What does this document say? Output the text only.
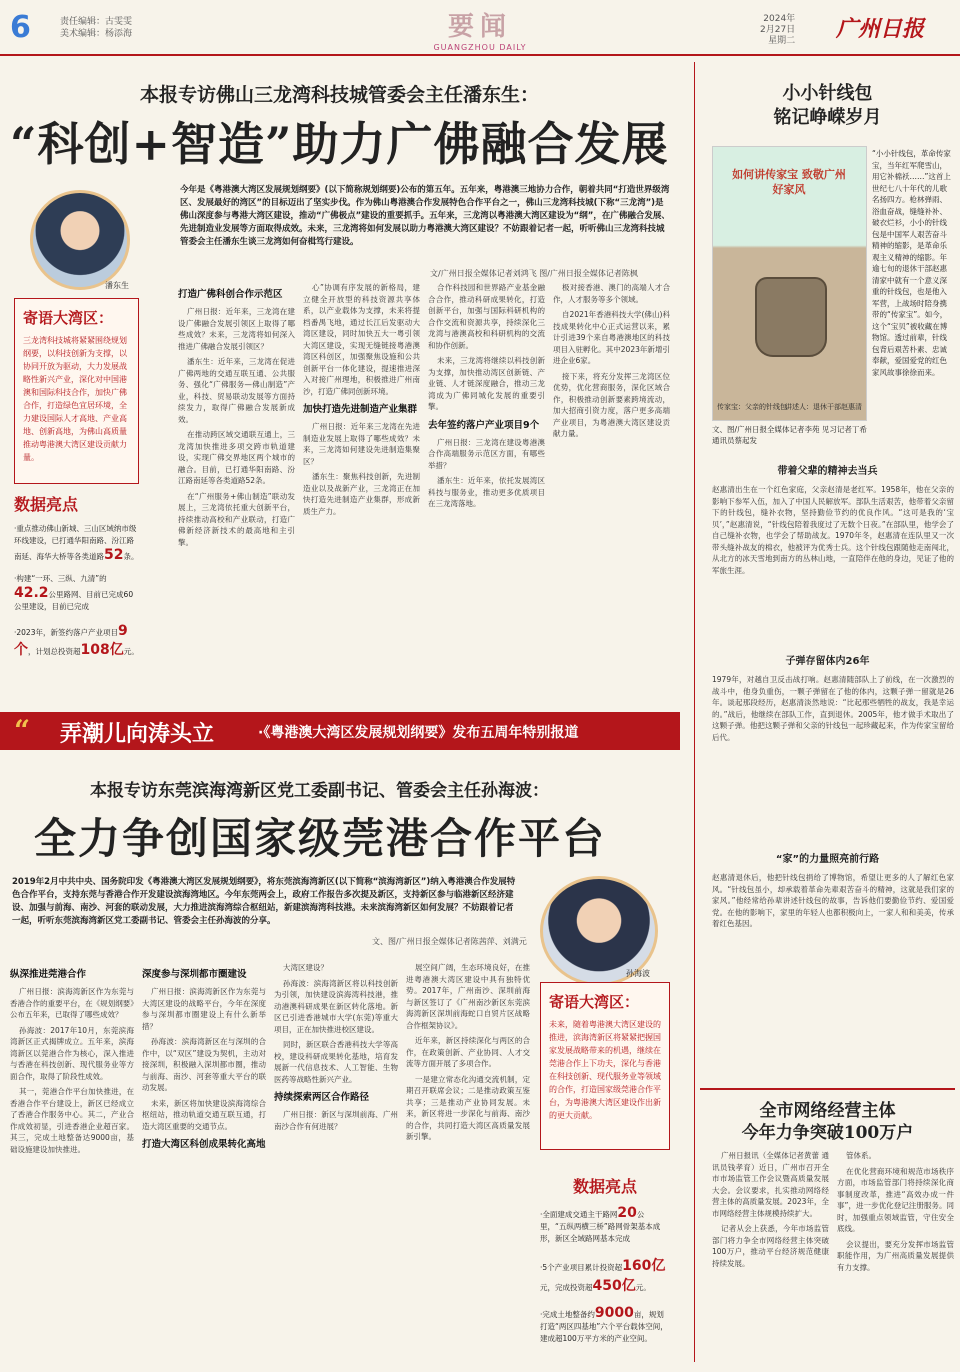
6	责任编辑：古雯雯
美术编辑：杨添海	要闻
GUANGZHOU DAILY
2024年
2月27日
星期二 广州日报
本报专访佛山三龙湾科技城管委会主任潘东生：
“科创+智造”助力广佛融合发展
今年是《粤港澳大湾区发展规划纲要》(以下简称规划纲要)公布的第五年。五年来，粤港澳三地协力合作，朝着共同“打造世界级湾区、发展最好的湾区”的目标迈出了坚实步伐。作为佛山粤港澳合作发展特色合作平台之一，佛山三龙湾科技城(下称“三龙湾”)是佛山深度参与粤港大湾区建设，推动“广佛极点”建设的重要抓手。五年来，三龙湾以粤港澳大湾区建设为“纲”，在广佛融合发展、先进制造业发展等方面取得成效。未来，三龙湾将如何发展以助力粤港澳大湾区建设？不妨跟着记者一起，听听佛山三龙湾科技城管委会主任潘东生谈三龙湾如何奋楫笃行建设。
文/广州日报全媒体记者刘鸿飞 图/广州日报全媒体记者陈枫
潘东生
寄语大湾区：
三龙湾科技城将紧紧围绕规划纲要，以科技创新为支撑，以协同开放为驱动，大力发展战略性新兴产业，深化对中国港澳和国际科技合作，加快广佛合作，打造绿色宜居环境，全力建设国际人才高地、产业高地、创新高地，为佛山高质量推动粤港澳大湾区建设贡献力量。
数据亮点
·重点推动佛山新城、三山区域纳市级环线建设，已打通华阳南路、汾江路南延、海华大桥等各类道路52条。
·构建“一环、三纵、九清”的42.2公里路网、目前已完成60公里建设，目前已完成
·2023年，新签约落户产业项目9个，计划总投资超108亿元。
打造广佛科创合作示范区

广州日报：近年来，三龙湾在建设广佛融合发展引领区上取得了哪些成效？未来，三龙湾将如何深入推进广佛融合发展引领区？

潘东生：近年来，三龙湾在促进广佛两地的交通互联互通、公共服务、强化“广佛服务—佛山制造”产业，科技、贸易联动发展等方面持续发力，取得广佛融合发展新成效。

在推动跨区域交通联互通上，三龙湾加快推进多项交跨市轨道建设，实现广佛交界地区两个城市的融合。目前，已打通华阳南路、汾江路南延等各类道路52条。

在“广州服务+佛山制造”联动发展上，三龙湾依托重大创新平台，持续推动高校和产业联动，打造广佛新经济新技术的最高地和主引擎。

心”协调有序发展的新格局，建立健全开放型的科技资源共享体系，以产业载体为支撑，未来将提档番禺飞地，通过长江后发驱动大湾区建设，同时加快五大一粤引领大湾区建设，实现无缝链接粤港澳湾区科创区，加强聚焦设施和公共创新平台一体化建设，提速推进深入对接广州理地，积极推进广州南沙，打造广佛同创新环境。

加快打造先进制造产业集群

广州日报：近年来三龙湾在先进制造业发展上取得了哪些成效？未来，三龙湾如何建设先进制造集聚区？

潘东生：聚焦科技创新，先进制造业以及战新产业，三龙湾正在加快打造先进制造产业集群，形成新质生产力。

合作科技园和世界路产业基金融合合作，推动科研成果转化，打造创新平台，加强与国际科研机构的合作交流和资源共享，持续深化三龙湾与港澳高校和科研机构的交流和协作创新。

未来，三龙湾将继续以科技创新为支撑，加快推动湾区创新链、产业链、人才链深度融合，推动三龙湾成为广佛同城化发展的重要引擎。

去年签约落户产业项目9个

广州日报：三龙湾在建设粤港澳合作高端服务示范区方面，有哪些举措？

潘东生：近年来，依托发展湾区科技与服务业，推动更多优质项目在三龙湾落地。

极对接香港、澳门的高端人才合作，人才服务等多个领域。

自2021年香港科技大学(佛山)科技成果转化中心正式运营以来，累计引进39个来自粤港澳地区的科技项目入驻孵化。其中2023年新增引进企业6家。

接下来，将充分发挥三龙湾区位优势，优化营商服务，深化区域合作，积极推动创新要素跨境流动，加大招商引资力度，落户更多高端产业项目，为粤港澳大湾区建设贡献力量。

小小针线包
铭记峥嵘岁月
如何讲传家宝 致敬广州好家风
传家宝：父亲的针线包
讲述人：退休干部赵惠清
文、图/广州日报全媒体记者李苑 见习记者丁希 通讯员蔡起发
“小小针线包，革命传家宝，当年红军爬雪山，用它补棉袄……”这首上世纪七八十年代的儿歌名扬四方。枪林弹雨、浴血奋战，缝缝补补、破衣烂衫，小小的针线包是中国军人艰苦奋斗精神的缩影，是革命乐观主义精神的缩影。年逾七旬的退休干部赵惠清家中就有一个意义深重的针线包，也是他入军营，上战场时陪身携带的“传家宝”。如今，这个“宝贝”被收藏在博物馆。透过前辈，针线包背后艰苦朴素、忠诚奉献，爱国爱党的红色家风故事徐徐而来。
带着父辈的精神去当兵
赵惠清出生在一个红色家庭，父亲赵清是老红军。1958年，他在父亲的影响下参军入伍，加入了中国人民解放军。部队生活艰苦，他带着父亲留下的针线包，缝补衣物，坚持勤俭节约的优良作风。“这可是我的‘宝贝’，”赵惠清说，“针线包陪着我度过了无数个日夜。”在部队里，他学会了自己缝补衣物，也学会了帮助战友。1970年冬，赵惠清在连队里又一次带头缝补战友的棉衣，他被评为优秀士兵。这个针线包跟随他走南闯北，从北方的冰天雪地到南方的丛林山地，一直陪伴在他的身边，见证了他的军旅生涯。
子弹存留体内26年
1979年，对越自卫反击战打响。赵惠清随部队上了前线，在一次激烈的战斗中，他身负重伤，一颗子弹留在了他的体内，这颗子弹一留就是26年。谈起那段经历，赵惠清淡然地说：“比起那些牺牲的战友，我是幸运的。”战后，他继续在部队工作，直到退休。2005年，他才做手术取出了这颗子弹。他把这颗子弹和父亲的针线包一起珍藏起来，作为传家宝留给后代。
“家”的力量照亮前行路
赵惠清退休后，他把针线包捐给了博物馆，希望让更多的人了解红色家风。“针线包虽小，却承载着革命先辈艰苦奋斗的精神，这就是我们家的家风。”他经常给孙辈讲述针线包的故事，告诉他们要勤俭节约、爱国爱党。在他的影响下，家里的年轻人也都积极向上，一家人和和美美，传承着红色基因。
“ 弄潮儿向涛头立	·《粤港澳大湾区发展规划纲要》发布五周年特别报道
本报专访东莞滨海湾新区党工委副书记、管委会主任孙海波：
全力争创国家级莞港合作平台
2019年2月中共中央、国务院印发《粤港澳大湾区发展规划纲要》，将东莞滨海湾新区(以下简称“滨海湾新区”)纳入粤港澳合作发展特色合作平台，支持东莞与香港合作开发建设滨海湾地区。今年东莞两会上，政府工作报告多次提及新区，支持新区参与临港新区经济建设、加强与前海、南沙、河套的联动发展，大力推进滨海湾综合枢纽站，新建滨海湾科技港。未来滨海湾新区如何发展？不妨跟着记者一起，听听东莞滨海湾新区党工委副书记、管委会主任孙海波的分享。
文、图/广州日报全媒体记者陈茜萍、刘满元
孙海波
寄语大湾区：
未来，随着粤港澳大湾区建设的推进，滨海湾新区将紧紧把握国家发展战略带来的机遇，继续在莞港合作上下功夫，深化与香港在科技创新、现代服务业等领域的合作，打造国家级莞港合作平台，为粤港澳大湾区建设作出新的更大贡献。
数据亮点
·全面建成交通主干路网20公里，“五纵两横三桥”路网骨架基本成形，新区全域路网基本完成
·5个产业项目累计投资超160亿元，完成投资超450亿元。
·完成土地整备约9000亩，规划打造“两区四基地”六个平台载体空间，建成超100万平方米的产业空间。
纵深推进莞港合作

广州日报：滨海湾新区作为东莞与香港合作的重要平台，在《规划纲要》公布五年来，已取得了哪些成效？

孙海波：2017年10月，东莞滨海湾新区正式揭牌成立。五年来，滨海湾新区以莞港合作为核心，深入推进与香港在科技创新、现代服务业等方面合作，取得了阶段性成效。

其一，莞港合作平台加快推进，在香港合作平台建设上，新区已经成立了香港合作服务中心。其二，产业合作成效初显，引进香港企业超百家。其三，完成土地整备达9000亩，基础设施建设加快推进。

深度参与深圳都市圈建设

广州日报：滨海湾新区作为东莞与大湾区建设的战略平台，今年在深度参与深圳都市圈建设上有什么新举措？

孙海波：滨海湾新区在与深圳的合作中，以“双区”建设为契机，主动对接深圳，积极融入深圳都市圈，推动与前海、南沙、河套等重大平台的联动发展。

未来，新区将加快建设滨海湾综合枢纽站，推动轨道交通互联互通，打造大湾区重要的交通节点。

打造大湾区科创成果转化高地

大湾区建设？

孙海波：滨海湾新区将以科技创新为引领，加快建设滨海湾科技港，推动港澳科研成果在新区转化落地。新区已引进香港城市大学(东莞)等重大项目，正在加快推进校区建设。

同时，新区联合香港科技大学等高校，建设科研成果转化基地，培育发展新一代信息技术、人工智能、生物医药等战略性新兴产业。

持续探索两区合作路径

广州日报：新区与深圳前海、广州南沙合作有何进展？

展空间广阔，生态环境良好，在推进粤港澳大湾区建设中具有独特优势。2017年，广州南沙、深圳前海与新区签订了《广州南沙新区东莞滨海湾新区深圳前海蛇口自贸片区战略合作框架协议》。

近年来，新区持续深化与两区的合作，在政策创新、产业协同、人才交流等方面开展了多项合作。

一是建立常态化沟通交流机制，定期召开联席会议；二是推动政策互鉴共享；三是推动产业协同发展。未来，新区将进一步深化与前海、南沙的合作，共同打造大湾区高质量发展新引擎。

全市网络经营主体
今年力争突破100万户

广州日报讯（全媒体记者黄蕾 通讯员钱孝育）近日，广州市召开全市市场监管工作会议暨高质量发展大会。会议要求，扎实推动网络经营主体的高质量发展。2023年，全市网络经营主体规模持续扩大。

记者从会上获悉，今年市场监管部门将力争全市网络经营主体突破100万户，推动平台经济规范健康持续发展。

管体系。

在优化营商环境和规范市场秩序方面，市场监管部门将持续深化商事制度改革，推进“高效办成一件事”，进一步优化登记注册服务。同时，加强重点领域监管，守住安全底线。

会议提出，要充分发挥市场监管职能作用，为广州高质量发展提供有力支撑。
